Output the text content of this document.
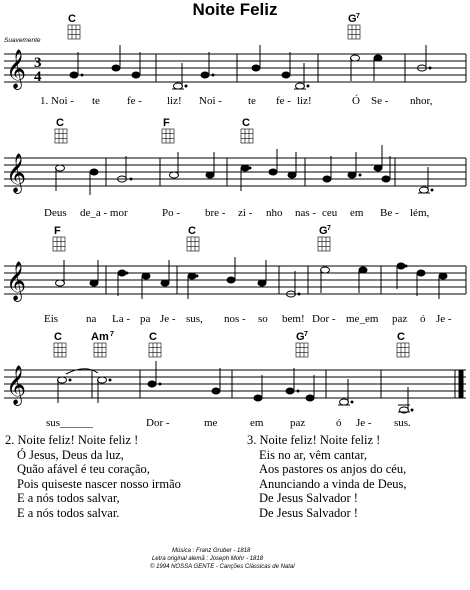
Noite Feliz
Suavemente
𝄞 3
4
C	G 7
1. Noi - te fe - liz! Noi - te fe - liz!	Ó Se - nhor,
𝄞
C	F	C
Deus de_a - mor	Po - bre - zi - nho nas - ceu em Be - lém,
𝄞
F	C	G 7
Eis	na La - pa Je - sus, nos - so bem! Dor - me_em paz ó Je -
𝄞
C	Am 7	C	G 7	C
sus______	Dor -	me	em paz	ó Je - sus.
2. Noite feliz! Noite feliz !
Ó Jesus, Deus da luz,
Quão afável é teu coração,
Pois quiseste nascer nosso irmão
E a nós todos salvar,
E a nós todos salvar.
3. Noite feliz! Noite feliz !
Eis no ar, vêm cantar,
Aos pastores os anjos do céu,
Anunciando a vinda de Deus,
De Jesus Salvador !
De Jesus Salvador !
Música : Franz Gruber - 1818
Letra original alemã : Joseph Mohr - 1818
© 1994 NOSSA GENTE - Canções Clássicas de Natal
